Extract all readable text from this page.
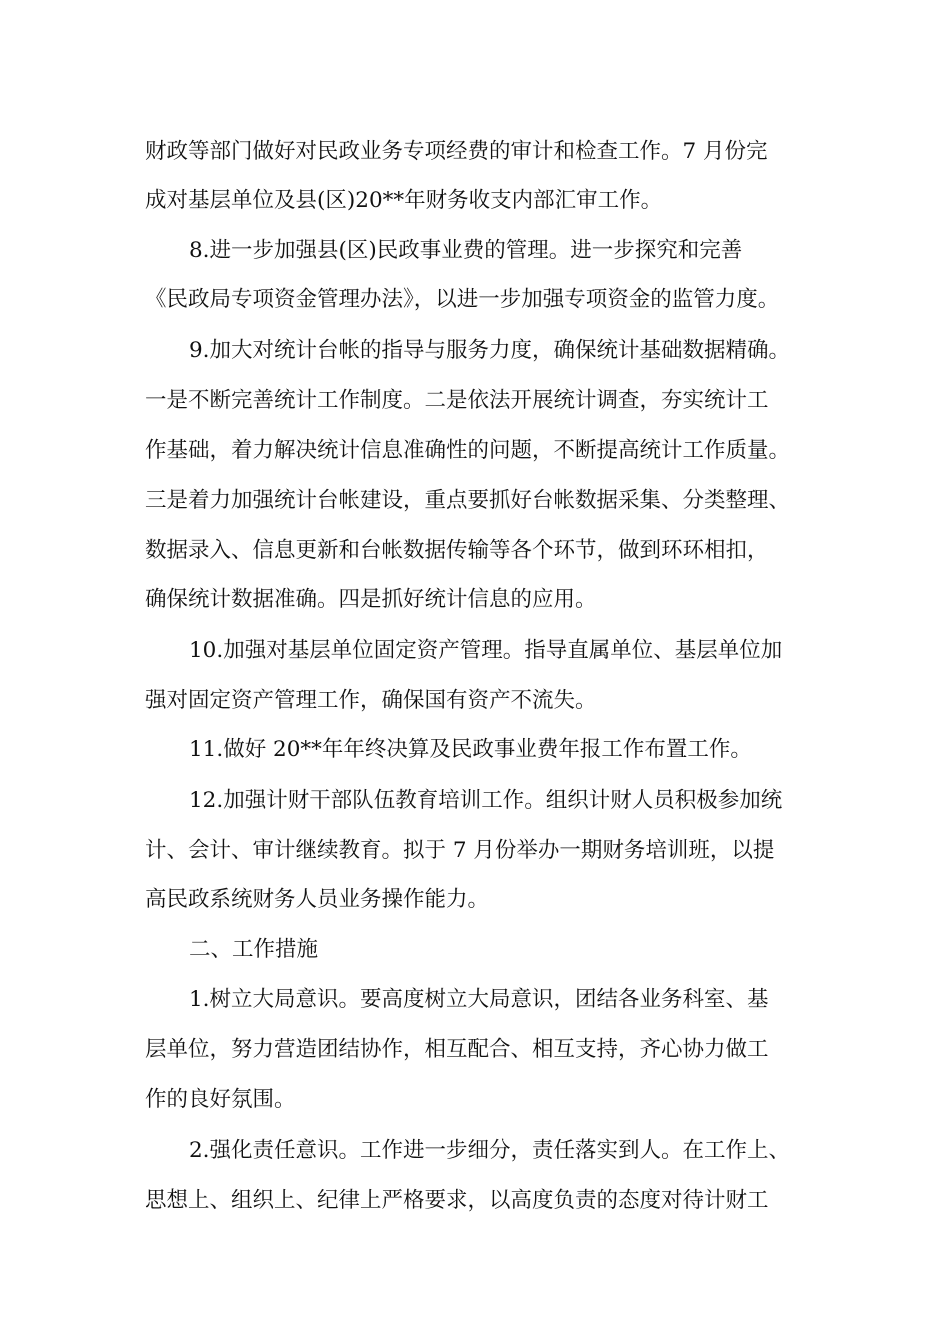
财政等部门做好对民政业务专项经费的审计和检查工作。7 月份完
成对基层单位及县(区)20**年财务收支内部汇审工作。
8.进一步加强县(区)民政事业费的管理。进一步探究和完善
《民政局专项资金管理办法》，以进一步加强专项资金的监管力度。
9.加大对统计台帐的指导与服务力度，确保统计基础数据精确。
一是不断完善统计工作制度。二是依法开展统计调查，夯实统计工
作基础，着力解决统计信息准确性的问题，不断提高统计工作质量。
三是着力加强统计台帐建设，重点要抓好台帐数据采集、分类整理、
数据录入、信息更新和台帐数据传输等各个环节，做到环环相扣，
确保统计数据准确。四是抓好统计信息的应用。
10.加强对基层单位固定资产管理。指导直属单位、基层单位加
强对固定资产管理工作，确保国有资产不流失。
11.做好 20**年年终决算及民政事业费年报工作布置工作。
12.加强计财干部队伍教育培训工作。组织计财人员积极参加统
计、会计、审计继续教育。拟于 7 月份举办一期财务培训班，以提
高民政系统财务人员业务操作能力。
二、工作措施
1.树立大局意识。要高度树立大局意识，团结各业务科室、基
层单位，努力营造团结协作，相互配合、相互支持，齐心协力做工
作的良好氛围。
2.强化责任意识。工作进一步细分，责任落实到人。在工作上、
思想上、组织上、纪律上严格要求，以高度负责的态度对待计财工
